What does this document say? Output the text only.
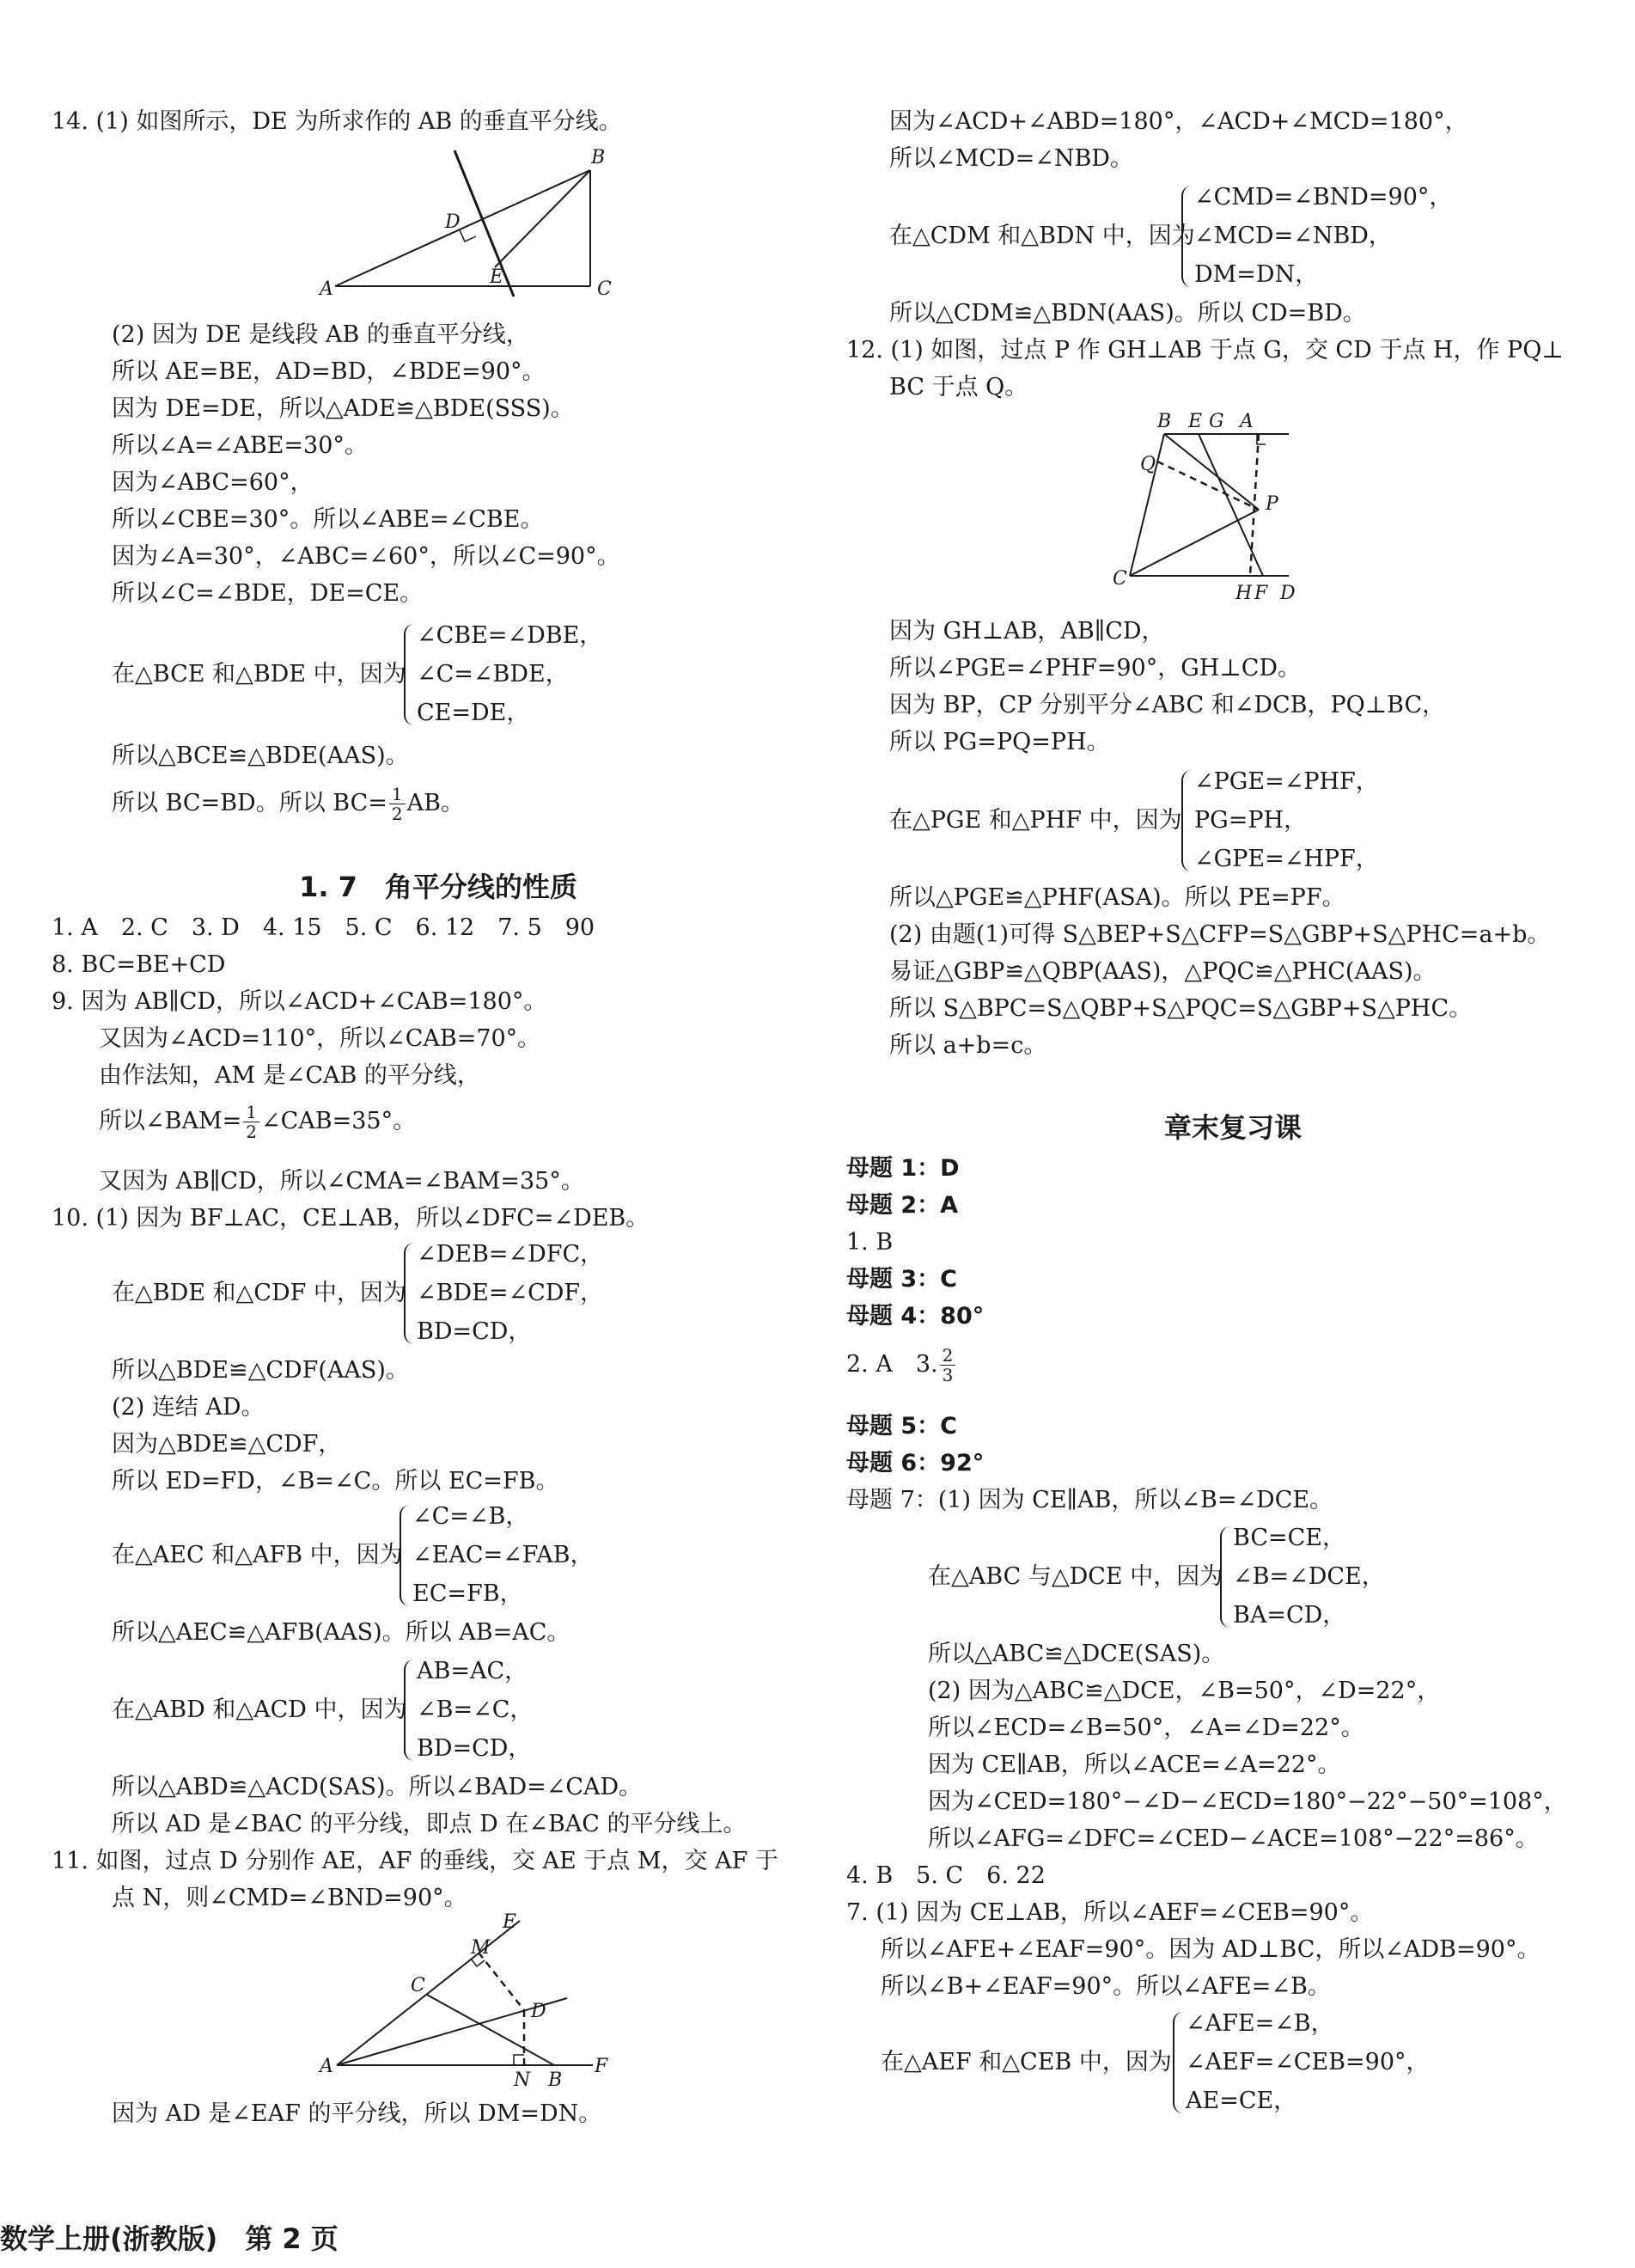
14. (1) 如图所示，DE 为所求作的 AB 的垂直平分线。
A
B
C
D
E
(2) 因为 DE 是线段 AB 的垂直平分线，
所以 AE=BE，AD=BD，∠BDE=90°。
因为 DE=DE，所以△ADE≌△BDE(SSS)。
所以∠A=∠ABE=30°。
因为∠ABC=60°，
所以∠CBE=30°。所以∠ABE=∠CBE。
因为∠A=30°，∠ABC=∠60°，所以∠C=90°。
所以∠C=∠BDE，DE=CE。
在△BCE 和△BDE 中，因为
∠CBE=∠DBE，
∠C=∠BDE，
CE=DE，
所以△BCE≌△BDE(AAS)。
所以 BC=BD。所以 $BC= \frac{1}{2}$ AB。
1. 7　角平分线的性质
1. A　2. C　3. D　4. 15　5. C　6. 12　7. 5　90
8. BC=BE+CD
9. 因为 AB∥CD，所以∠ACD+∠CAB=180°。
又因为∠ACD=110°，所以∠CAB=70°。
由作法知，AM 是∠CAB 的平分线，
所以∠BAM= $\frac{1}{2}$ ∠CAB=35°。
又因为 AB∥CD，所以∠CMA=∠BAM=35°。
10. (1) 因为 BF⊥AC，CE⊥AB，所以∠DFC=∠DEB。
在△BDE 和△CDF 中，因为
∠DEB=∠DFC，
∠BDE=∠CDF，
BD=CD，
所以△BDE≌△CDF(AAS)。
(2) 连结 AD。
因为△BDE≌△CDF，
所以 ED=FD，∠B=∠C。所以 EC=FB。
在△AEC 和△AFB 中，因为
∠C=∠B，
∠EAC=∠FAB，
EC=FB，
所以△AEC≌△AFB(AAS)。所以 AB=AC。
在△ABD 和△ACD 中，因为
AB=AC，
∠B=∠C，
BD=CD，
所以△ABD≌△ACD(SAS)。所以∠BAD=∠CAD。
所以 AD 是∠BAC 的平分线，即点 D 在∠BAC 的平分线上。
11. 如图，过点 D 分别作 AE，AF 的垂线，交 AE 于点 M，交 AF 于
点 N，则∠CMD=∠BND=90°。
A
B
C
D
E
F
M
N
因为 AD 是∠EAF 的平分线，所以 DM=DN。
因为∠ACD+∠ABD=180°，∠ACD+∠MCD=180°，
所以∠MCD=∠NBD。
在△CDM 和△BDN 中，因为
∠CMD=∠BND=90°，
∠MCD=∠NBD，
DM=DN，
所以△CDM≌△BDN(AAS)。所以 CD=BD。
12. (1) 如图，过点 P 作 GH⊥AB 于点 G，交 CD 于点 H，作 PQ⊥
BC 于点 Q。
B E G A
Q
P
C
H F D
因为 GH⊥AB，AB∥CD，
所以∠PGE=∠PHF=90°，GH⊥CD。
因为 BP，CP 分别平分∠ABC 和∠DCB，PQ⊥BC，
所以 PG=PQ=PH。
在△PGE 和△PHF 中，因为
∠PGE=∠PHF，
PG=PH，
∠GPE=∠HPF，
所以△PGE≌△PHF(ASA)。所以 PE=PF。
(2) 由题(1)可得 S△BEP+S△CFP=S△GBP+S△PHC=a+b。
易证△GBP≌△QBP(AAS)，△PQC≌△PHC(AAS)。
所以 S△BPC=S△QBP+S△PQC=S△GBP+S△PHC。
所以 a+b=c。
章末复习课
母题 1：D
母题 2：A
1. B
母题 3：C
母题 4：80°
2. A　3. $\frac{2}{3}$
母题 5：C
母题 6：92°
母题 7：(1) 因为 CE∥AB，所以∠B=∠DCE。
在△ABC 与△DCE 中，因为
BC=CE，
∠B=∠DCE，
BA=CD，
所以△ABC≌△DCE(SAS)。
(2) 因为△ABC≌△DCE，∠B=50°，∠D=22°，
所以∠ECD=∠B=50°，∠A=∠D=22°。
因为 CE∥AB，所以∠ACE=∠A=22°。
因为∠CED=180°−∠D−∠ECD=180°−22°−50°=108°，
所以∠AFG=∠DFC=∠CED−∠ACE=108°−22°=86°。
4. B　5. C　6. 22
7. (1) 因为 CE⊥AB，所以∠AEF=∠CEB=90°。
所以∠AFE+∠EAF=90°。因为 AD⊥BC，所以∠ADB=90°。
所以∠B+∠EAF=90°。所以∠AFE=∠B。
在△AEF 和△CEB 中，因为
∠AFE=∠B，
∠AEF=∠CEB=90°，
AE=CE，
数学上册(浙教版)　第 2 页
